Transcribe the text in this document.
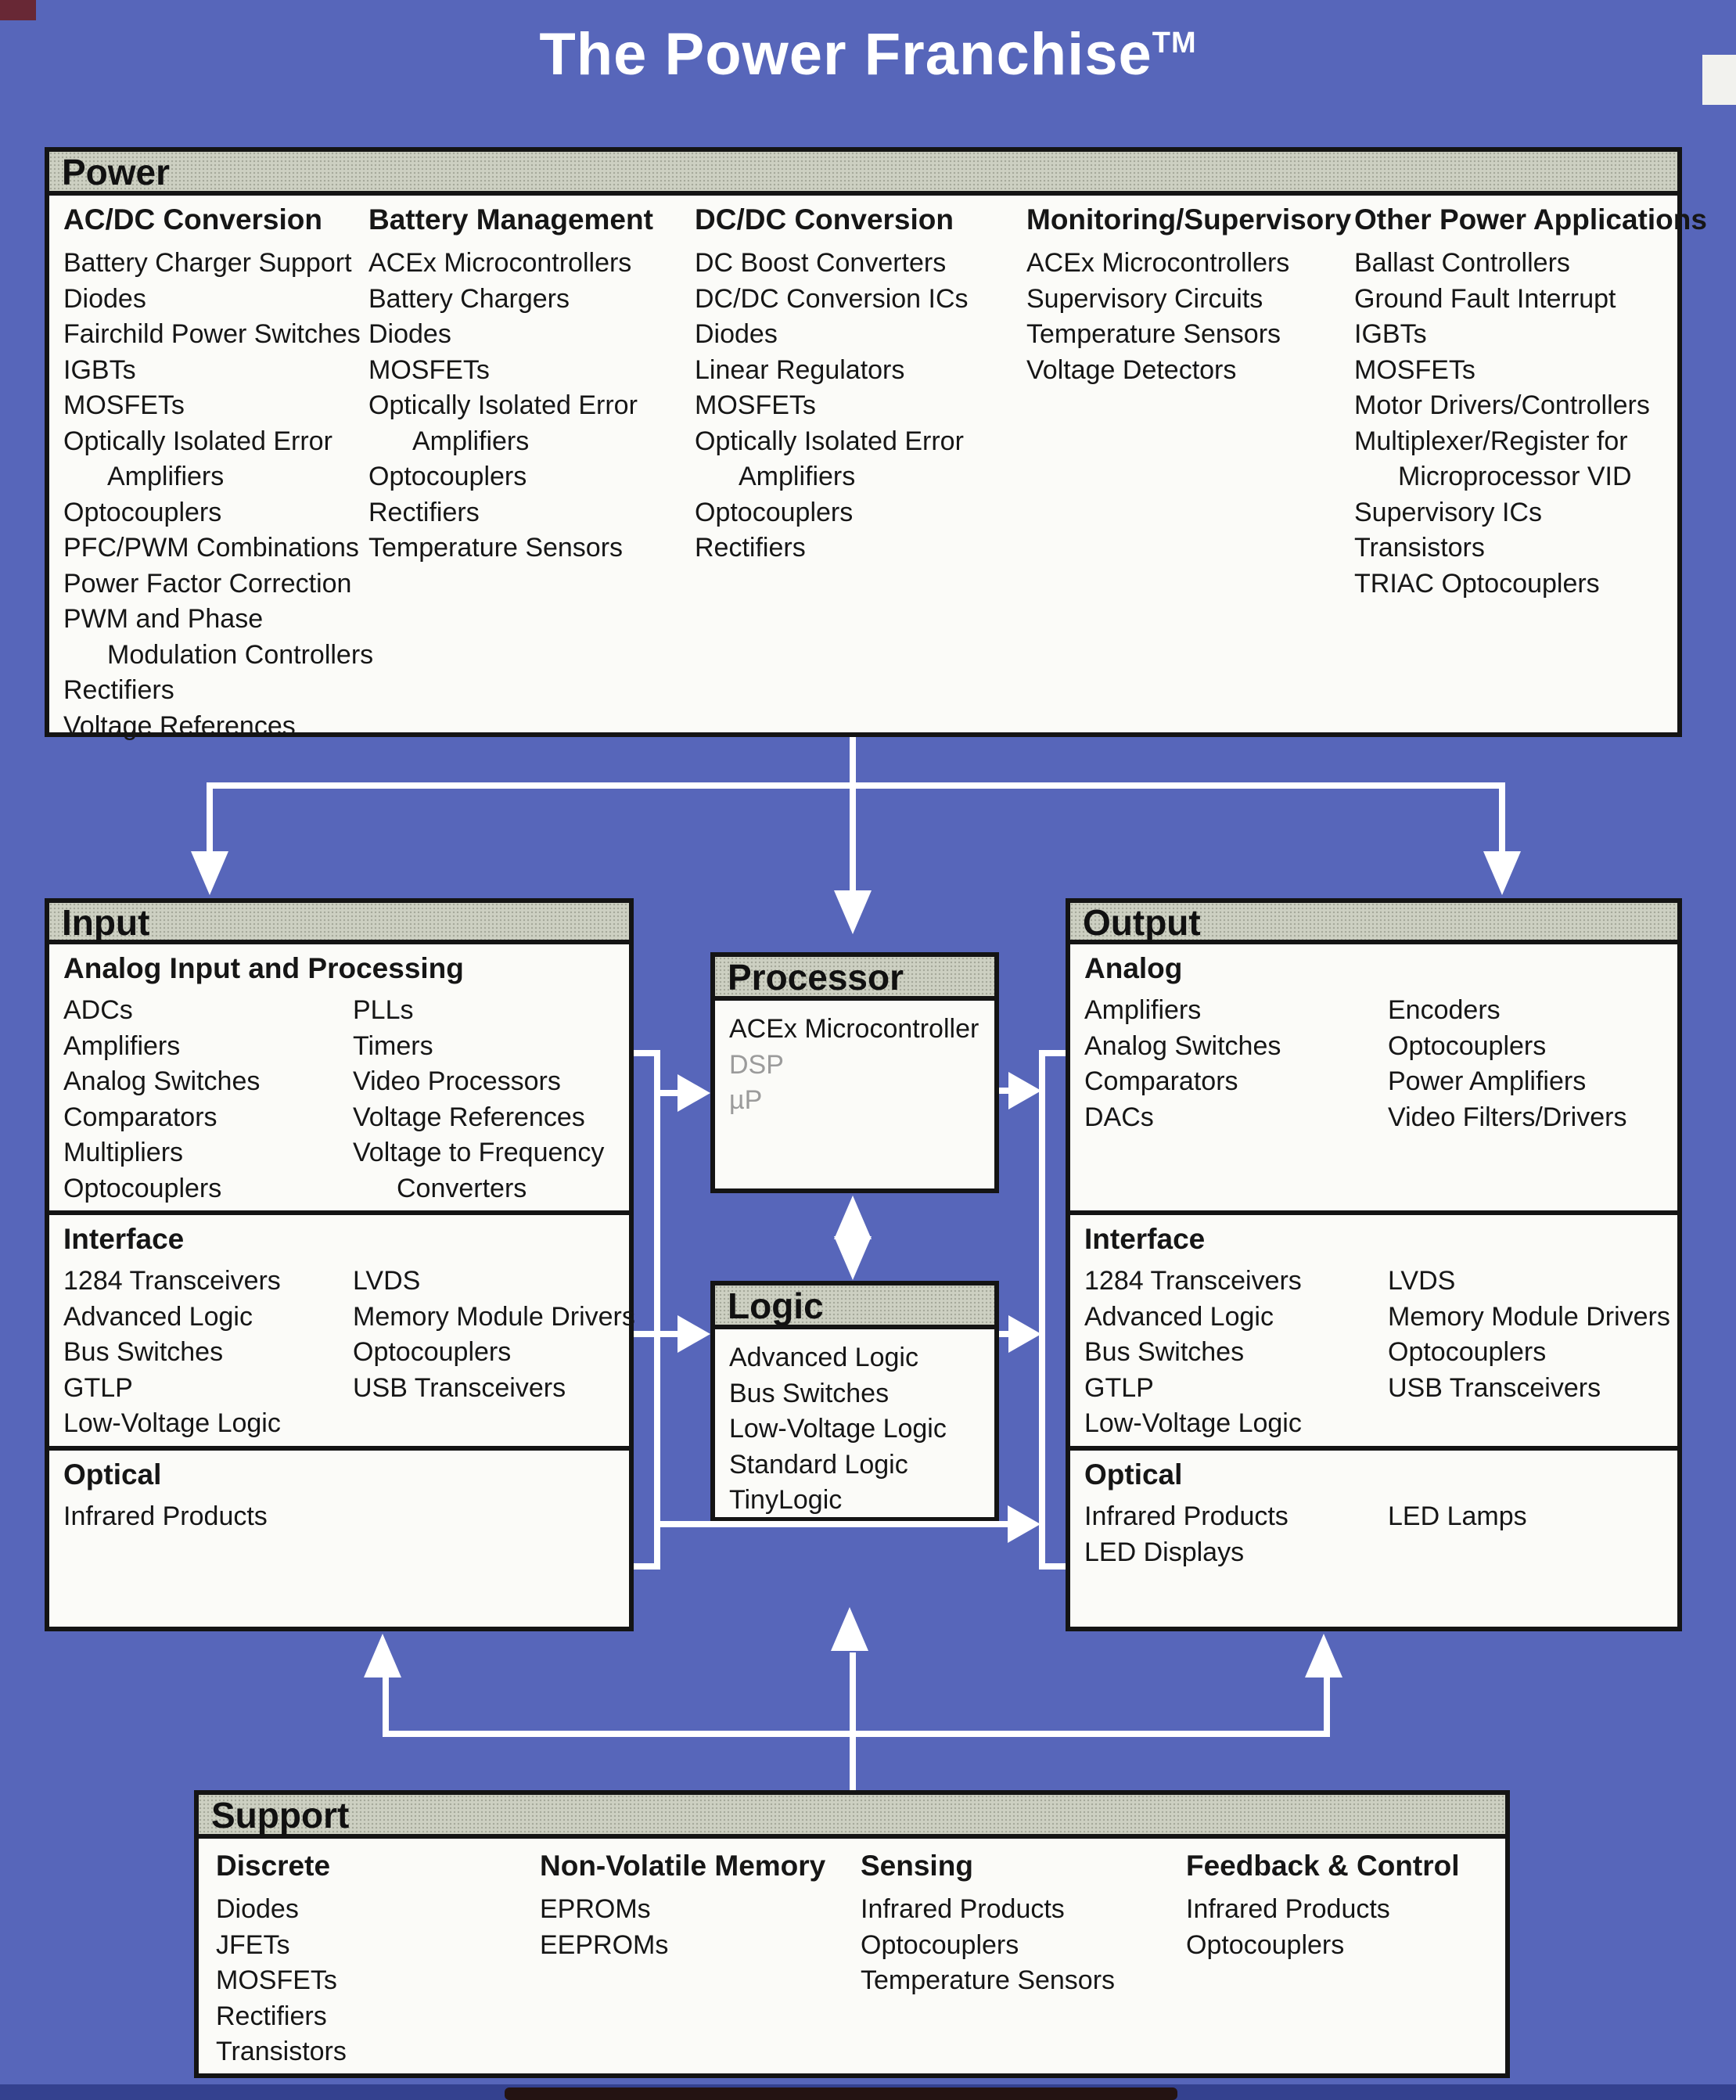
The Power Franchise™
Power
AC/DC Conversion
Battery Charger Support
Diodes
Fairchild Power Switches
IGBTs
MOSFETs
Optically Isolated Error
Amplifiers
Optocouplers
PFC/PWM Combinations
Power Factor Correction
PWM and Phase
Modulation Controllers
Rectifiers
Voltage References
Battery Management
ACEx Microcontrollers
Battery Chargers
Diodes
MOSFETs
Optically Isolated Error
Amplifiers
Optocouplers
Rectifiers
Temperature Sensors
DC/DC Conversion
DC Boost Converters
DC/DC Conversion ICs
Diodes
Linear Regulators
MOSFETs
Optically Isolated Error
Amplifiers
Optocouplers
Rectifiers
Monitoring/Supervisory
ACEx Microcontrollers
Supervisory Circuits
Temperature Sensors
Voltage Detectors
Other Power Applications
Ballast Controllers
Ground Fault Interrupt
IGBTs
MOSFETs
Motor Drivers/Controllers
Multiplexer/Register for
Microprocessor VID
Supervisory ICs
Transistors
TRIAC Optocouplers
Input
Analog Input and Processing
ADCs
Amplifiers
Analog Switches
Comparators
Multipliers
Optocouplers
PLLs
Timers
Video Processors
Voltage References
Voltage to Frequency
Converters
Interface
1284 Transceivers
Advanced Logic
Bus Switches
GTLP
Low-Voltage Logic
LVDS
Memory Module Drivers
Optocouplers
USB Transceivers
Optical
Infrared Products
Processor
ACEx Microcontroller
DSP
µP
Logic
Advanced Logic
Bus Switches
Low-Voltage Logic
Standard Logic
TinyLogic
Output
Analog
Amplifiers
Analog Switches
Comparators
DACs
Encoders
Optocouplers
Power Amplifiers
Video Filters/Drivers
Interface
1284 Transceivers
Advanced Logic
Bus Switches
GTLP
Low-Voltage Logic
LVDS
Memory Module Drivers
Optocouplers
USB Transceivers
Optical
Infrared Products
LED Displays
LED Lamps
Support
Discrete
Diodes
JFETs
MOSFETs
Rectifiers
Transistors
Non-Volatile Memory
EPROMs
EEPROMs
Sensing
Infrared Products
Optocouplers
Temperature Sensors
Feedback & Control
Infrared Products
Optocouplers
